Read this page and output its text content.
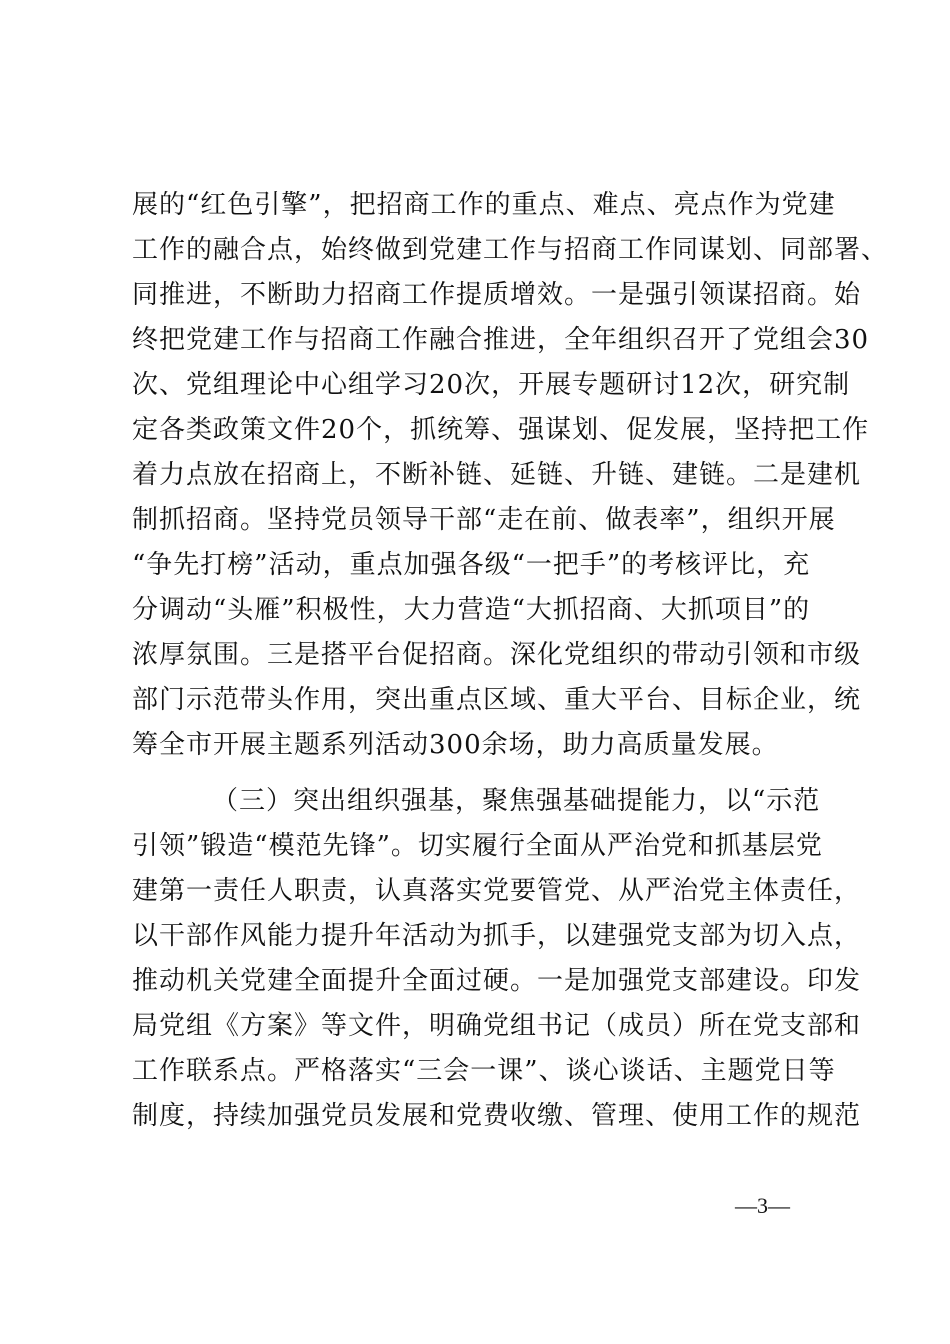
展的“红色引擎”，把招商工作的重点、难点、亮点作为党建
工作的融合点，始终做到党建工作与招商工作同谋划、同部署、
同推进，不断助力招商工作提质增效。一是强引领谋招商。始
终把党建工作与招商工作融合推进，全年组织召开了党组会30
次、党组理论中心组学习20次，开展专题研讨12次，研究制
定各类政策文件20个，抓统筹、强谋划、促发展，坚持把工作
着力点放在招商上，不断补链、延链、升链、建链。二是建机
制抓招商。坚持党员领导干部“走在前、做表率”，组织开展
“争先打榜”活动，重点加强各级“一把手”的考核评比，充
分调动“头雁”积极性，大力营造“大抓招商、大抓项目”的
浓厚氛围。三是搭平台促招商。深化党组织的带动引领和市级
部门示范带头作用，突出重点区域、重大平台、目标企业，统
筹全市开展主题系列活动300余场，助力高质量发展。
（三）突出组织强基，聚焦强基础提能力，以“示范
引领”锻造“模范先锋”。切实履行全面从严治党和抓基层党
建第一责任人职责，认真落实党要管党、从严治党主体责任，
以干部作风能力提升年活动为抓手，以建强党支部为切入点，
推动机关党建全面提升全面过硬。一是加强党支部建设。印发
局党组《方案》等文件，明确党组书记（成员）所在党支部和
工作联系点。严格落实“三会一课”、谈心谈话、主题党日等
制度，持续加强党员发展和党费收缴、管理、使用工作的规范
—3—
